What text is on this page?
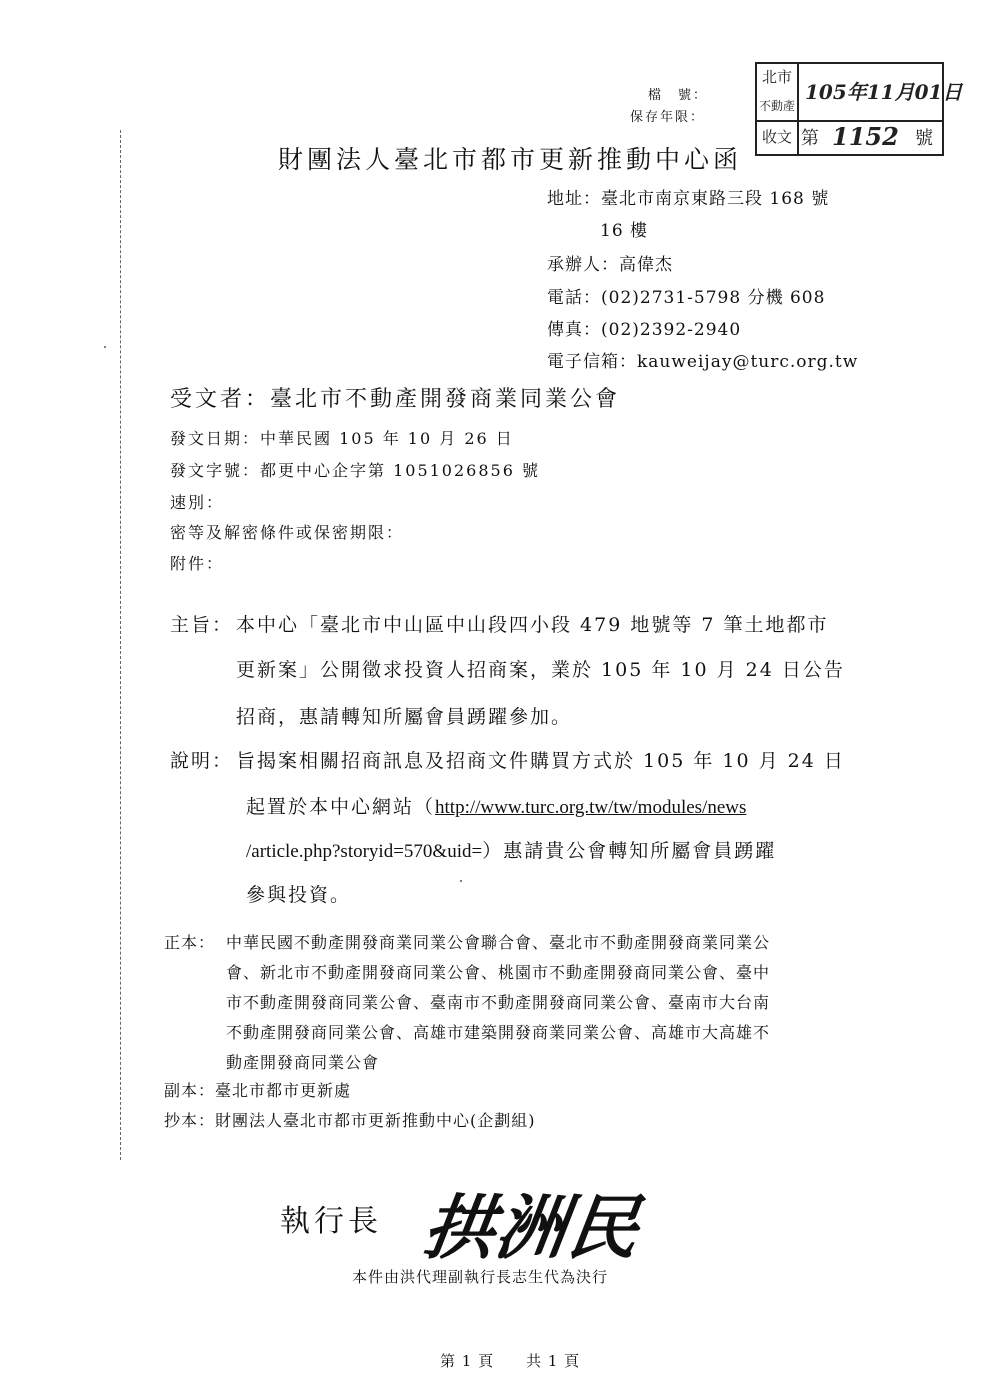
檔　號：
保存年限：
北市
不動產
收文
105年11月01日
第 1152 號
財團法人臺北市都市更新推動中心函
地址：臺北市南京東路三段 168 號
16 樓
承辦人：高偉杰
電話：(02)2731-5798 分機 608
傳真：(02)2392-2940
電子信箱：kauweijay@turc.org.tw
受文者：臺北市不動產開發商業同業公會
發文日期：中華民國 105 年 10 月 26 日
發文字號：都更中心企字第 1051026856 號
速別：
密等及解密條件或保密期限：
附件：
主旨： 本中心「臺北市中山區中山段四小段 479 地號等 7 筆土地都市
更新案」公開徵求投資人招商案，業於 105 年 10 月 24 日公告
招商，惠請轉知所屬會員踴躍參加。
說明： 旨揭案相關招商訊息及招商文件購買方式於 105 年 10 月 24 日
起置於本中心網站（http://www.turc.org.tw/tw/modules/news
/article.php?storyid=570&uid=）惠請貴公會轉知所屬會員踴躍
參與投資。
正本： 中華民國不動產開發商業同業公會聯合會、臺北市不動產開發商業同業公
會、新北市不動產開發商同業公會、桃園市不動產開發商同業公會、臺中
市不動產開發商同業公會、臺南市不動產開發商同業公會、臺南市大台南
不動產開發商同業公會、高雄市建築開發商業同業公會、高雄市大高雄不
動產開發商同業公會
副本：臺北市都市更新處
抄本：財團法人臺北市都市更新推動中心(企劃組)
執行長 拱洲民
本件由洪代理副執行長志生代為決行
第 1 頁　　共 1 頁
